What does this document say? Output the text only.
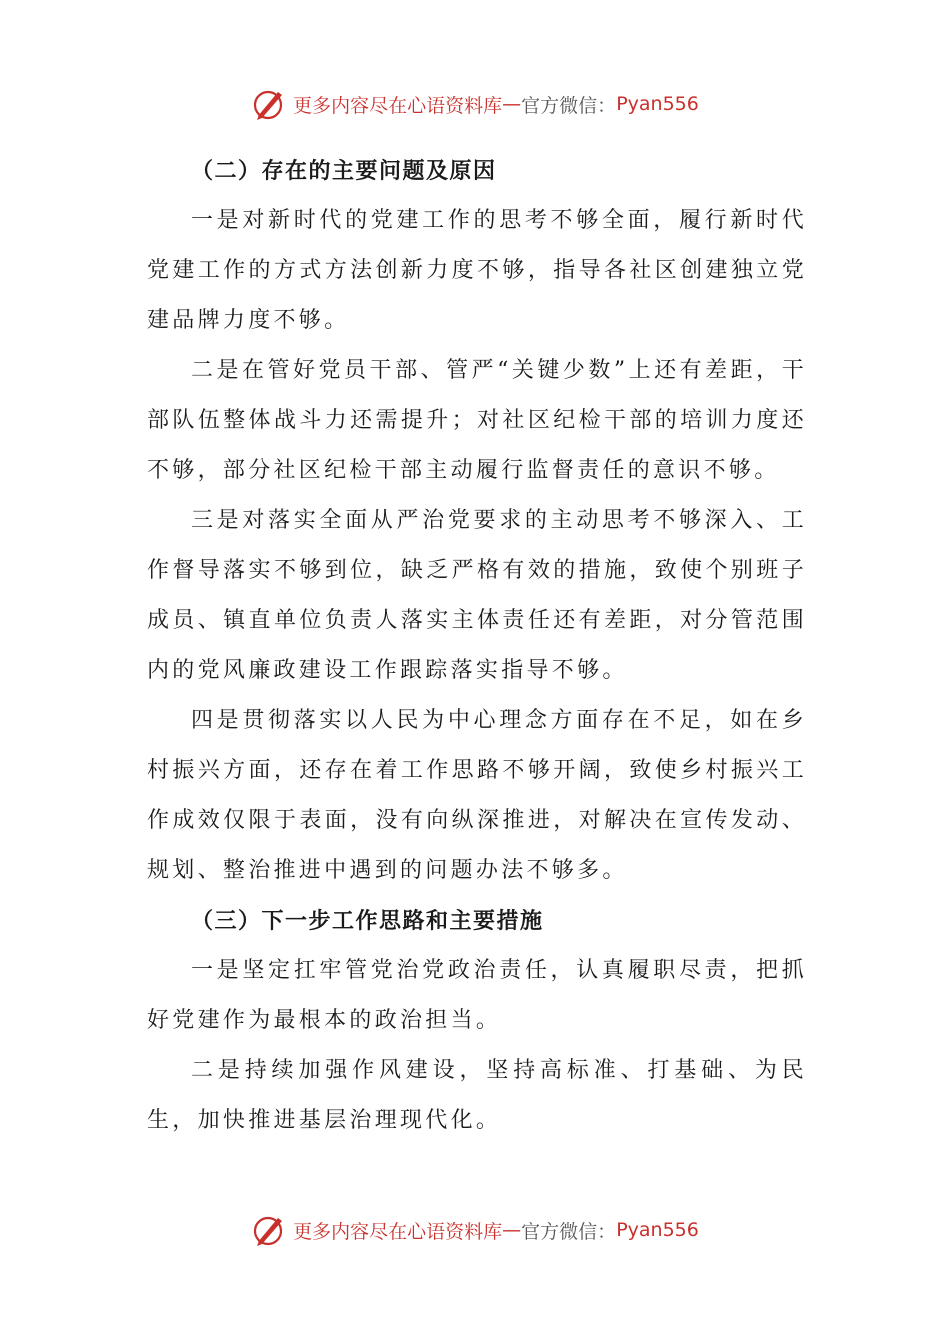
更多内容尽在心语资料库 — 官方微信： Pyan556
（二）存在的主要问题及原因

一是对新时代的党建工作的思考不够全面，履行新时代党建工作的方式方法创新力度不够，指导各社区创建独立党建品牌力度不够。

二是在管好党员干部、管严“关键少数”上还有差距，干部队伍整体战斗力还需提升；对社区纪检干部的培训力度还不够，部分社区纪检干部主动履行监督责任的意识不够。

三是对落实全面从严治党要求的主动思考不够深入、工作督导落实不够到位，缺乏严格有效的措施，致使个别班子成员、镇直单位负责人落实主体责任还有差距，对分管范围内的党风廉政建设工作跟踪落实指导不够。

四是贯彻落实以人民为中心理念方面存在不足，如在乡村振兴方面，还存在着工作思路不够开阔，致使乡村振兴工作成效仅限于表面，没有向纵深推进，对解决在宣传发动、规划、整治推进中遇到的问题办法不够多。

（三）下一步工作思路和主要措施

一是坚定扛牢管党治党政治责任，认真履职尽责，把抓好党建作为最根本的政治担当。

二是持续加强作风建设，坚持高标准、打基础、为民生，加快推进基层治理现代化。

更多内容尽在心语资料库 — 官方微信： Pyan556
